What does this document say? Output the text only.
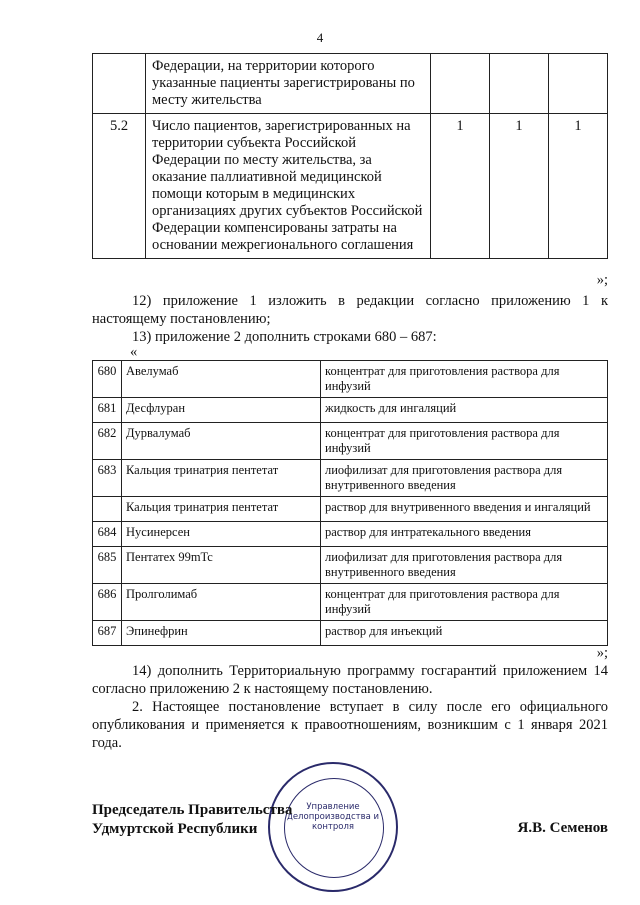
4
	Федерации, на территории которого указанные пациенты зарегистрированы по месту жительства			
5.2	Число пациентов, зарегистрированных на территории субъекта Российской Федерации по месту жительства, за оказание паллиативной медицинской помощи которым в медицинских организациях других субъектов Российской Федерации компенсированы затраты на основании межрегионального соглашения	1	1	1
»;
12) приложение 1 изложить в редакции согласно приложению 1 к настоящему постановлению;
13) приложение 2 дополнить строками 680 – 687:
«
680	Авелумаб	концентрат для приготовления раствора для инфузий
681	Десфлуран	жидкость для ингаляций
682	Дурвалумаб	концентрат для приготовления раствора для инфузий
683	Кальция тринатрия пентетат	лиофилизат для приготовления раствора для внутривенного введения
	Кальция тринатрия пентетат	раствор для внутривенного введения и ингаляций
684	Нусинерсен	раствор для интратекального введения
685	Пентатех 99mTc	лиофилизат для приготовления раствора для внутривенного введения
686	Пролголимаб	концентрат для приготовления раствора для инфузий
687	Эпинефрин	раствор для инъекций
»;
14) дополнить Территориальную программу госгарантий приложением 14 согласно приложению 2 к настоящему постановлению.
2. Настоящее постановление вступает в силу после его официального опубликования и применяется к правоотношениям, возникшим с 1 января 2021 года.
Управление делопроизводства и контроля
Председатель Правительства
Удмуртской Республики	Я.В. Семенов
